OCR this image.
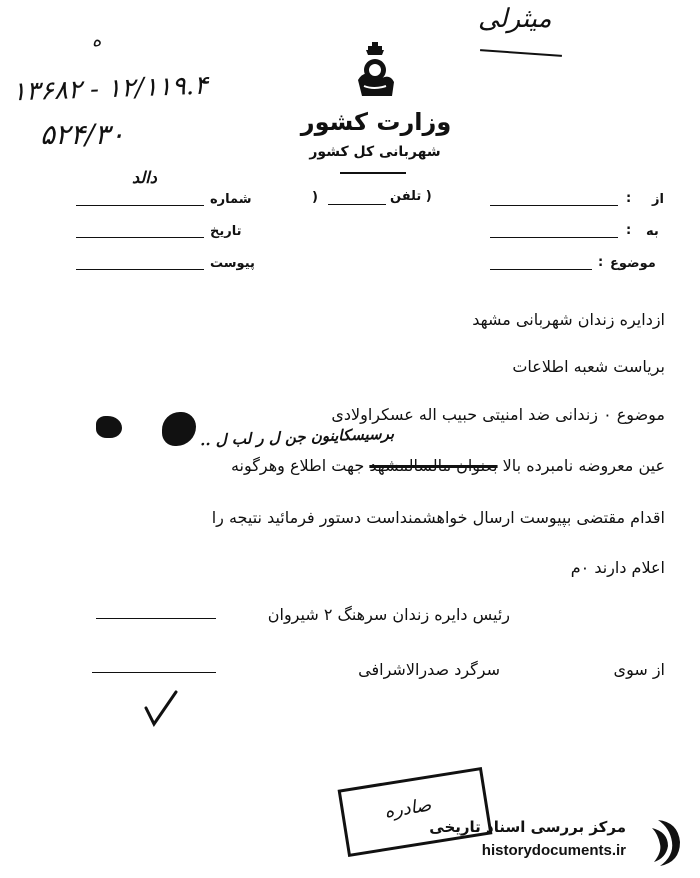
میثرلی
۱۲/۱۱۹.۴ - ۱۳۶۸۲
۵۲۴/۳۰
ه
دالد
وزارت کشور
شهربانی کل کشور
)	( تلفن
شماره
تاریخ
پیوست
: از
: به
: موضوع
ازدایره زندان شهربانی مشهد
بریاست شعبه اطلاعات
موضوع ۰ زندانی ضد امنیتی حبیب اله عسکراولادی
برسیسکاینون جن ل ر لب ل ..
عین معروضه نامبرده بالا بعنوان مالسالمشهد جهت اطلاع وهرگونه
اقدام مقتضی بپیوست ارسال خواهشمنداست دستور فرمائید نتیجه را
اعلام دارند ۰م
رئیس دایره زندان سرهنگ ۲ شیروان
از سوی
سرگرد صدرالاشرافی
صادره
مرکز بررسی اسناد تاریخی
historydocuments.ir
